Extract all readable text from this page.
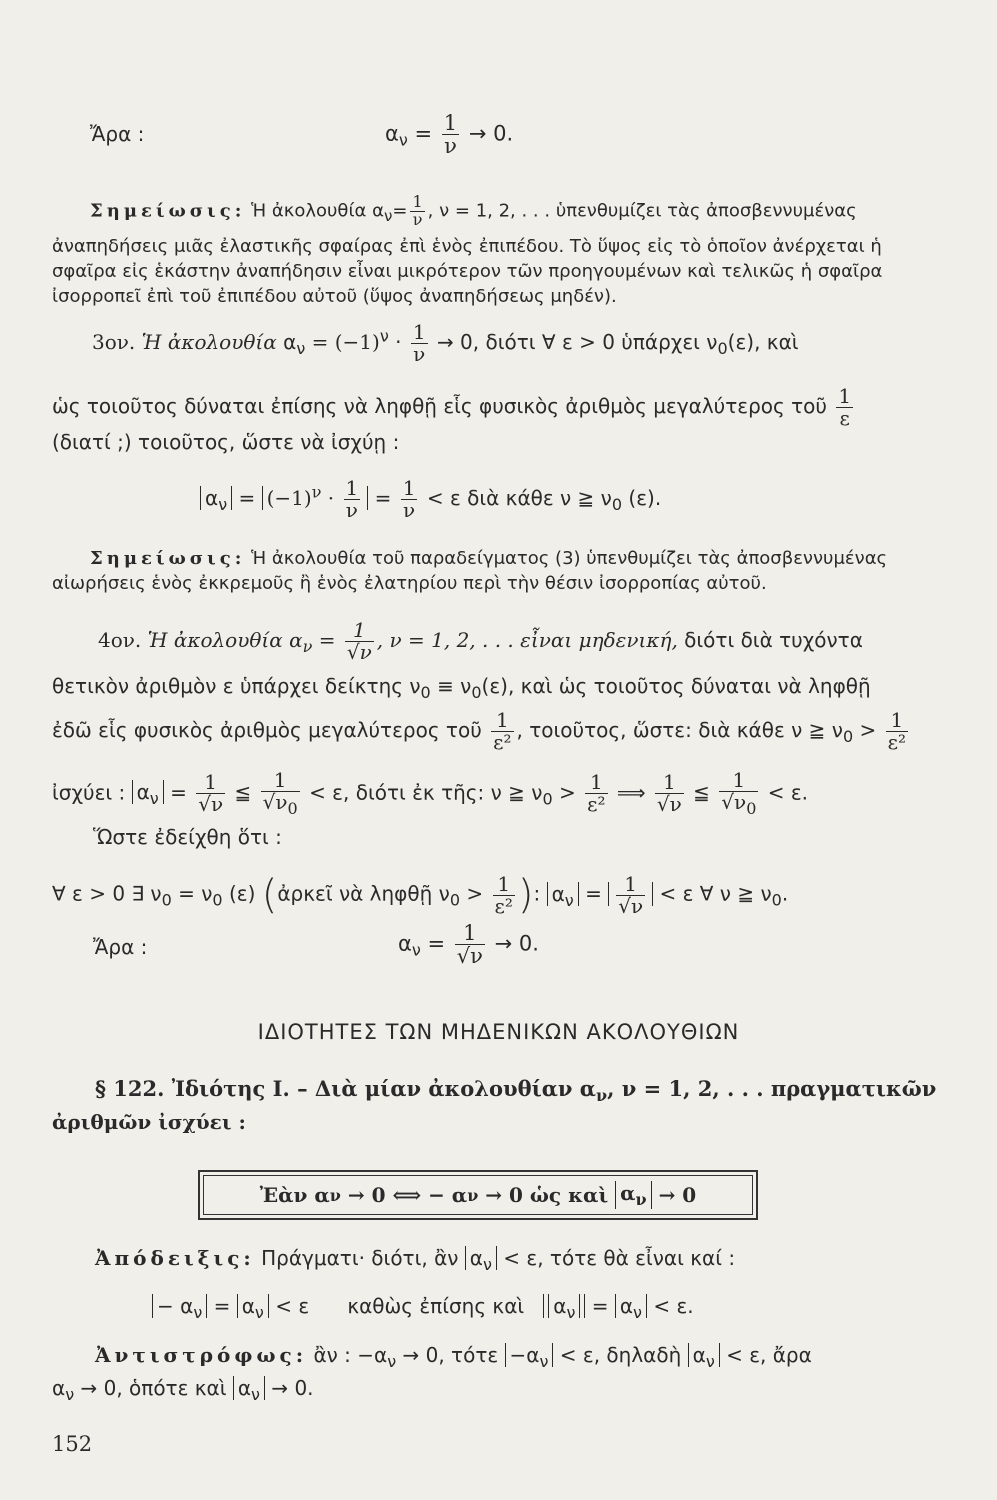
Ἄρα :	$\alpha_\nu = \frac{1}{\nu} \to 0$.
Σημείωσις: Ἡ ἀκολουθία $\alpha_\nu= \frac{1}{\nu}$ , ν = 1, 2, . . . ὑπενθυμίζει τὰς ἀποσβεννυμένας
ἀναπηδήσεις μιᾶς ἐλαστικῆς σφαίρας ἐπὶ ἑνὸς ἐπιπέδου. Τὸ ὕψος εἰς τὸ ὁποῖον ἀνέρχεται ἡ
σφαῖρα εἰς ἑκάστην ἀναπήδησιν εἶναι μικρότερον τῶν προηγουμένων καὶ τελικῶς ἡ σφαῖρα
ἰσορροπεῖ ἐπὶ τοῦ ἐπιπέδου αὐτοῦ (ὕψος ἀναπηδήσεως μηδέν).
3ον. Ἡ ἀκολουθία $\alpha_\nu = (-1)^\nu \cdot \frac{1}{\nu} \to 0$, διότι ∀ ε > 0 ὑπάρχει $\nu_0(\varepsilon)$, καὶ
ὡς τοιοῦτος δύναται ἐπίσης νὰ ληφθῇ εἷς φυσικὸς ἀριθμὸς μεγαλύτερος τοῦ $\frac{1}{\varepsilon}$
(διατί ;) τοιοῦτος, ὥστε νὰ ἰσχύῃ :
$\alpha_\nu = (-1)^\nu \cdot \frac{1}{\nu} = \frac{1}{\nu} < \varepsilon$ διὰ κάθε ν ≧ $\nu_0$ (ε).
Σημείωσις: Ἡ ἀκολουθία τοῦ παραδείγματος (3) ὑπενθυμίζει τὰς ἀποσβεννυμένας
αἰωρήσεις ἑνὸς ἐκκρεμοῦς ἢ ἑνὸς ἐλατηρίου περὶ τὴν θέσιν ἰσορροπίας αὐτοῦ.
4ον. Ἡ ἀκολουθία $\alpha_\nu = \frac{1}{√\nu}$ , ν = 1, 2, . . . εἶναι μηδενική, διότι διὰ τυχόντα
θετικὸν ἀριθμὸν ε ὑπάρχει δείκτης $\nu_0 \equiv \nu_0(\varepsilon)$, καὶ ὡς τοιοῦτος δύναται νὰ ληφθῇ
ἐδῶ εἷς φυσικὸς ἀριθμὸς μεγαλύτερος τοῦ $\frac{1}{\text{ε²}}$ , τοιοῦτος, ὥστε: διὰ κάθε ν ≧ $\nu_0 > \frac{1}{\text{ε²}}$
ἰσχύει : $\alpha_\nu = \frac{1}{√\nu}$ ≦ $\frac{1}{√\nu_0} < \varepsilon$, διότι ἐκ τῆς: ν ≧ $\nu_0 > \frac{1}{\text{ε²}}$ ⟹ $\frac{1}{√\nu}$ ≦ $\frac{1}{√\nu_0} < \varepsilon$.
Ὥστε ἐδείχθη ὅτι :
∀ ε > 0 ∃ $\nu_0 = \nu_0$ (ε) (ἀρκεῖ νὰ ληφθῇ $\nu_0 > \frac{1}{\text{ε²}}$ ): $\alpha_\nu = \frac{1}{√\nu} < \varepsilon$ ∀ ν ≧ $\nu_0$.
Ἄρα :	$\alpha_\nu = \frac{1}{√\nu} \to 0$.
ΙΔΙΟΤΗΤΕΣ ΤΩΝ ΜΗΔΕΝΙΚΩΝ ΑΚΟΛΟΥΘΙΩΝ
§ 122. Ἰδιότης Ι. – Διὰ μίαν ἀκολουθίαν $\alpha_\nu$, ν = 1, 2, . . . πραγματικῶν
ἀριθμῶν ἰσχύει :
Ἐὰν α ν
→ 0 ⟺ − α ν
→ 0 ὡς καὶ
$\alpha_\nu$
→ 0
Ἀπόδειξις: Πράγματι· διότι, ἂν $\alpha_\nu < \varepsilon$, τότε θὰ εἶναι καί :
− $\alpha_\nu = \alpha_\nu < \varepsilon$ καθὼς ἐπίσης καὶ $\alpha_\nu = \alpha_\nu < \varepsilon$.
Ἀντιστρόφως: ἂν : $-\alpha_\nu \to 0$, $\tau ό\tau\varepsilon -\alpha_\nu < \varepsilon$, δηλαδὴ $\alpha_\nu < \varepsilon$, ἄρα
$\alpha_\nu \to 0$, ὁπότε καὶ $\alpha_\nu \to 0$.
152
